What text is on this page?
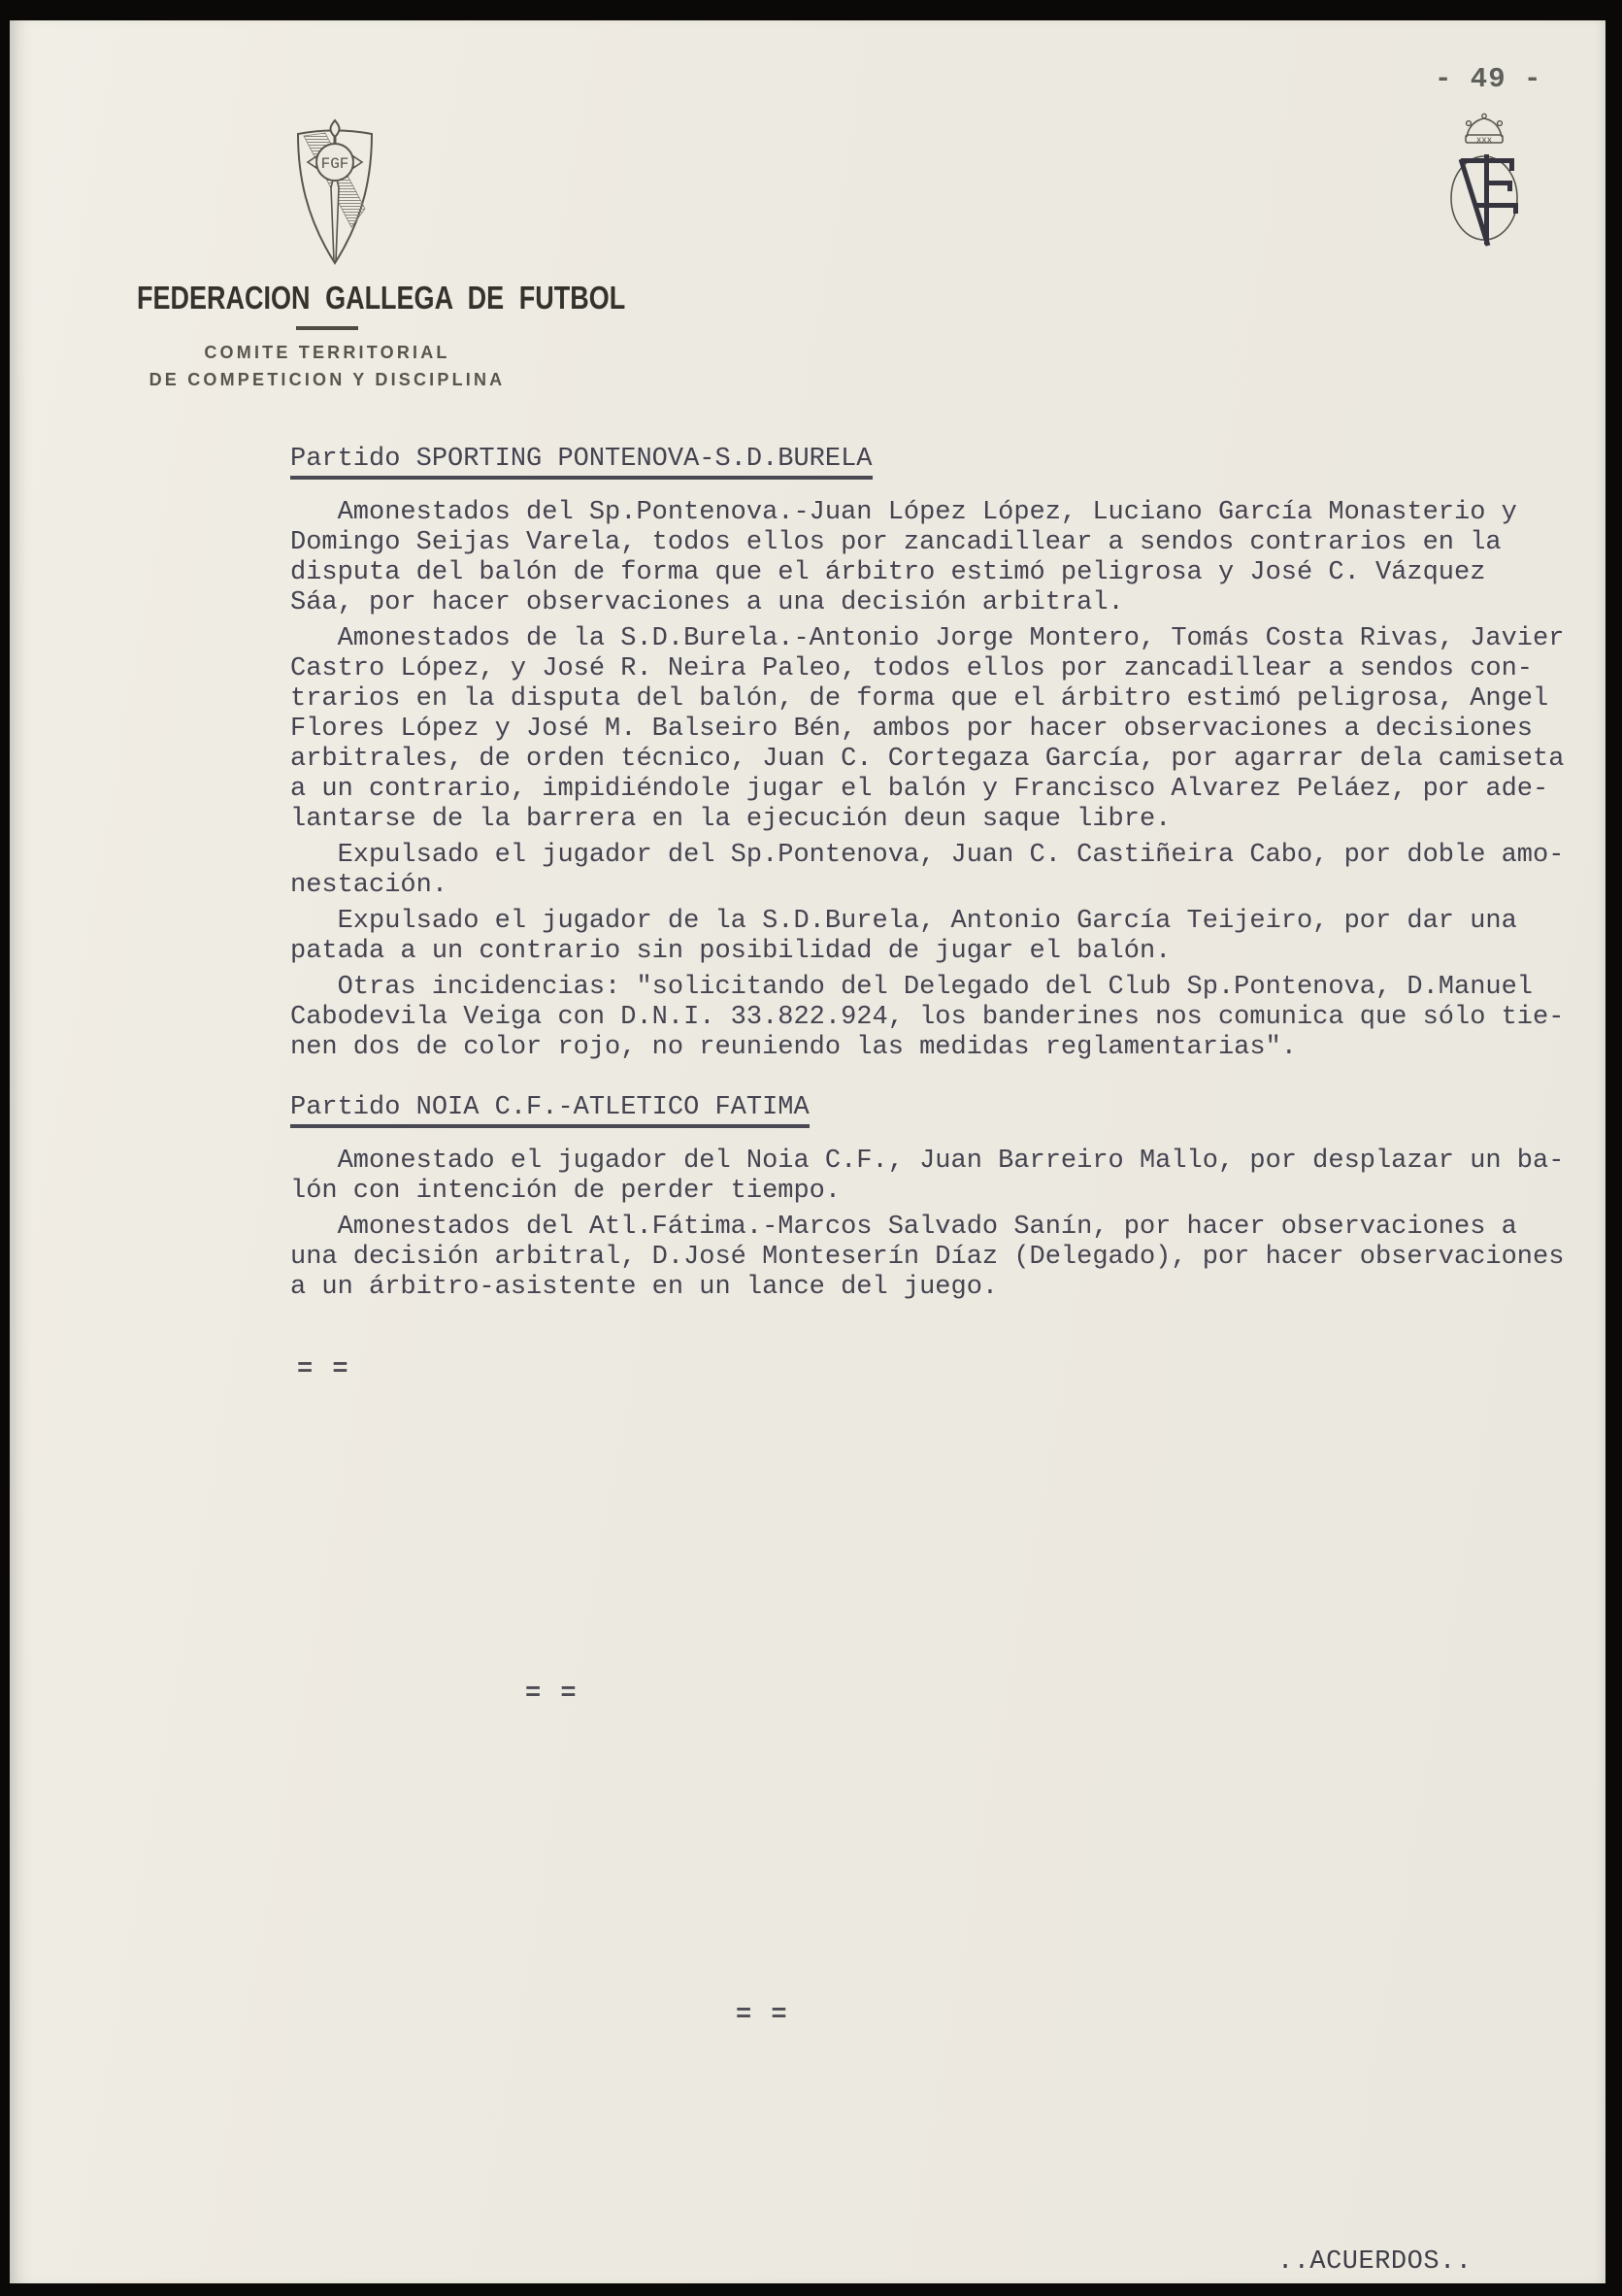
- 49 -
FGF
xxx
FEDERACION GALLEGA DE FUTBOL
COMITE TERRITORIAL
DE COMPETICION Y DISCIPLINA
Partido SPORTING PONTENOVA-S.D.BURELA
Amonestados del Sp.Pontenova.-Juan López López, Luciano García Monasterio y
Domingo Seijas Varela, todos ellos por zancadillear a sendos contrarios en la
disputa del balón de forma que el árbitro estimó peligrosa y José C. Vázquez
Sáa, por hacer observaciones a una decisión arbitral.
Amonestados de la S.D.Burela.-Antonio Jorge Montero, Tomás Costa Rivas, Javier
Castro López, y José R. Neira Paleo, todos ellos por zancadillear a sendos con-
trarios en la disputa del balón, de forma que el árbitro estimó peligrosa, Angel
Flores López y José M. Balseiro Bén, ambos por hacer observaciones a decisiones
arbitrales, de orden técnico, Juan C. Cortegaza García, por agarrar dela camiseta
a un contrario, impidiéndole jugar el balón y Francisco Alvarez Peláez, por ade-
lantarse de la barrera en la ejecución deun saque libre.
Expulsado el jugador del Sp.Pontenova, Juan C. Castiñeira Cabo, por doble amo-
nestación.
Expulsado el jugador de la S.D.Burela, Antonio García Teijeiro, por dar una
patada a un contrario sin posibilidad de jugar el balón.
Otras incidencias: "solicitando del Delegado del Club Sp.Pontenova, D.Manuel
Cabodevila Veiga con D.N.I. 33.822.924, los banderines nos comunica que sólo tie-
nen dos de color rojo, no reuniendo las medidas reglamentarias".
Partido NOIA C.F.-ATLETICO FATIMA
Amonestado el jugador del Noia C.F., Juan Barreiro Mallo, por desplazar un ba-
lón con intención de perder tiempo.
Amonestados del Atl.Fátima.-Marcos Salvado Sanín, por hacer observaciones a
una decisión arbitral, D.José Monteserín Díaz (Delegado), por hacer observaciones
a un árbitro-asistente en un lance del juego.
= =
= =
= =
..ACUERDOS..
